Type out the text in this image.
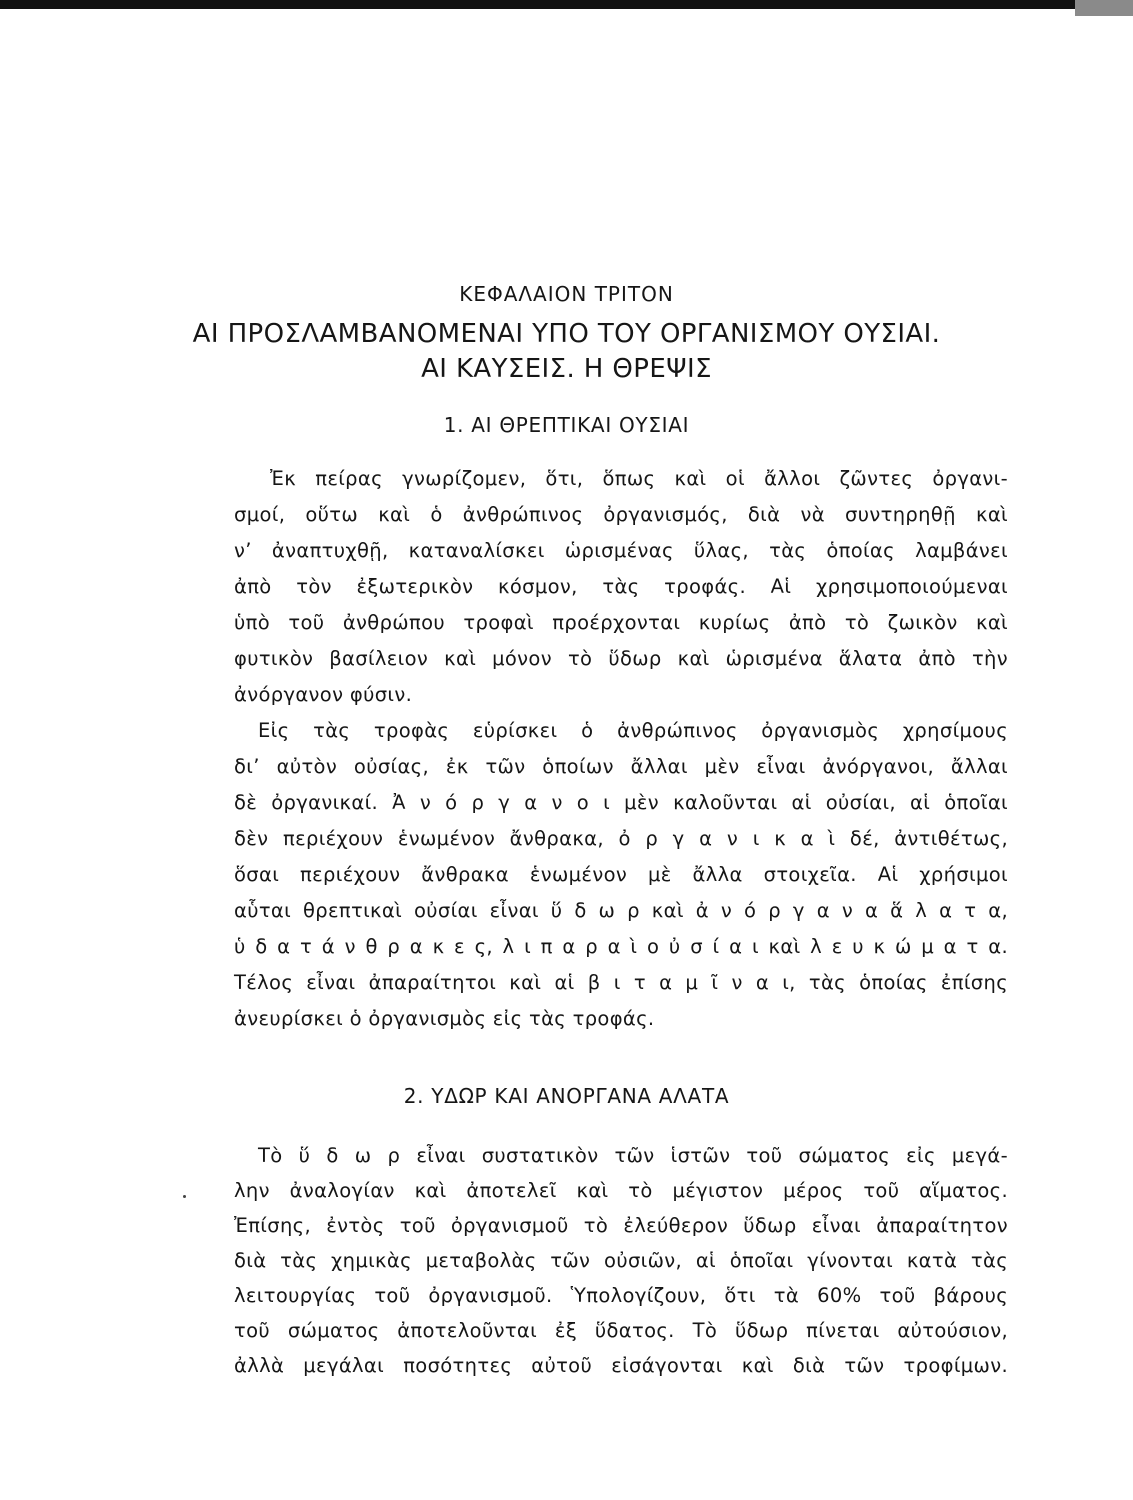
ΚΕΦΑΛΑΙΟΝ ΤΡΙΤΟΝ
ΑΙ ΠΡΟΣΛΑΜΒΑΝΟΜΕΝΑΙ ΥΠΟ ΤΟΥ ΟΡΓΑΝΙΣΜΟΥ ΟΥΣΙΑΙ.
ΑΙ ΚΑΥΣΕΙΣ. Η ΘΡΕΨΙΣ
1. ΑΙ ΘΡΕΠΤΙΚΑΙ ΟΥΣΙΑΙ
Ἐκ πείρας γνωρίζομεν, ὅτι, ὅπως καὶ οἱ ἄλλοι ζῶντες ὀργανι-
σμοί, οὕτω καὶ ὁ ἀνθρώπινος ὀργανισμός, διὰ νὰ συντηρηθῇ καὶ
ν’ ἀναπτυχθῇ, καταναλίσκει ὡρισμένας ὕλας, τὰς ὁποίας λαμβάνει
ἀπὸ τὸν ἐξωτερικὸν κόσμον, τὰς τροφάς. Αἱ χρησιμοποιούμεναι
ὑπὸ τοῦ ἀνθρώπου τροφαὶ προέρχονται κυρίως ἀπὸ τὸ ζωικὸν καὶ
φυτικὸν βασίλειον καὶ μόνον τὸ ὕδωρ καὶ ὡρισμένα ἅλατα ἀπὸ τὴν
ἀνόργανον φύσιν.
Εἰς τὰς τροφὰς εὑρίσκει ὁ ἀνθρώπινος ὀργανισμὸς χρησίμους
δι’ αὐτὸν οὐσίας, ἐκ τῶν ὁποίων ἄλλαι μὲν εἶναι ἀνόργανοι, ἄλλαι
δὲ ὀργανικαί. Ἀ ν ό ρ γ α ν ο ι μὲν καλοῦνται αἱ οὐσίαι, αἱ ὁποῖαι
δὲν περιέχουν ἑνωμένον ἄνθρακα, ὀ ρ γ α ν ι κ α ὶ δέ, ἀντιθέτως,
ὅσαι περιέχουν ἄνθρακα ἑνωμένον μὲ ἄλλα στοιχεῖα. Αἱ χρήσιμοι
αὗται θρεπτικαὶ οὐσίαι εἶναι ὕ δ ω ρ καὶ ἀ ν ό ρ γ α ν α ἅ λ α τ α,
ὑ δ α τ ά ν θ ρ α κ ε ς, λ ι π α ρ α ὶ ο ὐ σ ί α ι καὶ λ ε υ κ ώ μ α τ α.
Τέλος εἶναι ἀπαραίτητοι καὶ αἱ β ι τ α μ ῖ ν α ι, τὰς ὁποίας ἐπίσης
ἀνευρίσκει ὁ ὀργανισμὸς εἰς τὰς τροφάς.
2. ΥΔΩΡ ΚΑΙ ΑΝΟΡΓΑΝΑ ΑΛΑΤΑ
Τὸ ὕ δ ω ρ εἶναι συστατικὸν τῶν ἱστῶν τοῦ σώματος εἰς μεγά-
λην ἀναλογίαν καὶ ἀποτελεῖ καὶ τὸ μέγιστον μέρος τοῦ αἵματος.
Ἐπίσης, ἐντὸς τοῦ ὀργανισμοῦ τὸ ἐλεύθερον ὕδωρ εἶναι ἀπαραίτητον
διὰ τὰς χημικὰς μεταβολὰς τῶν οὐσιῶν, αἱ ὁποῖαι γίνονται κατὰ τὰς
λειτουργίας τοῦ ὀργανισμοῦ. Ὑπολογίζουν, ὅτι τὰ 60% τοῦ βάρους
τοῦ σώματος ἀποτελοῦνται ἐξ ὕδατος. Τὸ ὕδωρ πίνεται αὐτούσιον,
ἀλλὰ μεγάλαι ποσότητες αὐτοῦ εἰσάγονται καὶ διὰ τῶν τροφίμων.
